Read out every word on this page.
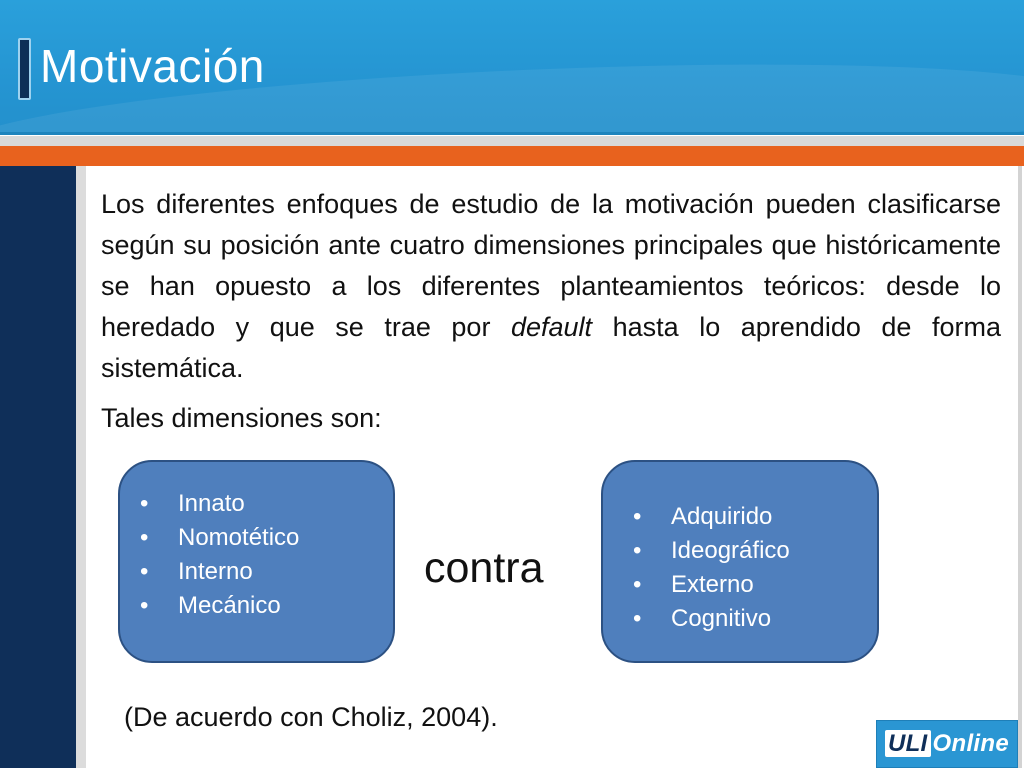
Motivación

Los diferentes enfoques de estudio de la motivación pueden clasificarse según su posición ante cuatro dimensiones principales que históricamente se han opuesto a los diferentes planteamientos teóricos: desde lo heredado y que se trae por default hasta lo aprendido de forma sistemática.

Tales dimensiones son:

• Innato
• Nomotético
• Interno
• Mecánico
contra
• Adquirido
• Ideográfico
• Externo
• Cognitivo
(De acuerdo con Choliz, 2004).
ULI Online
